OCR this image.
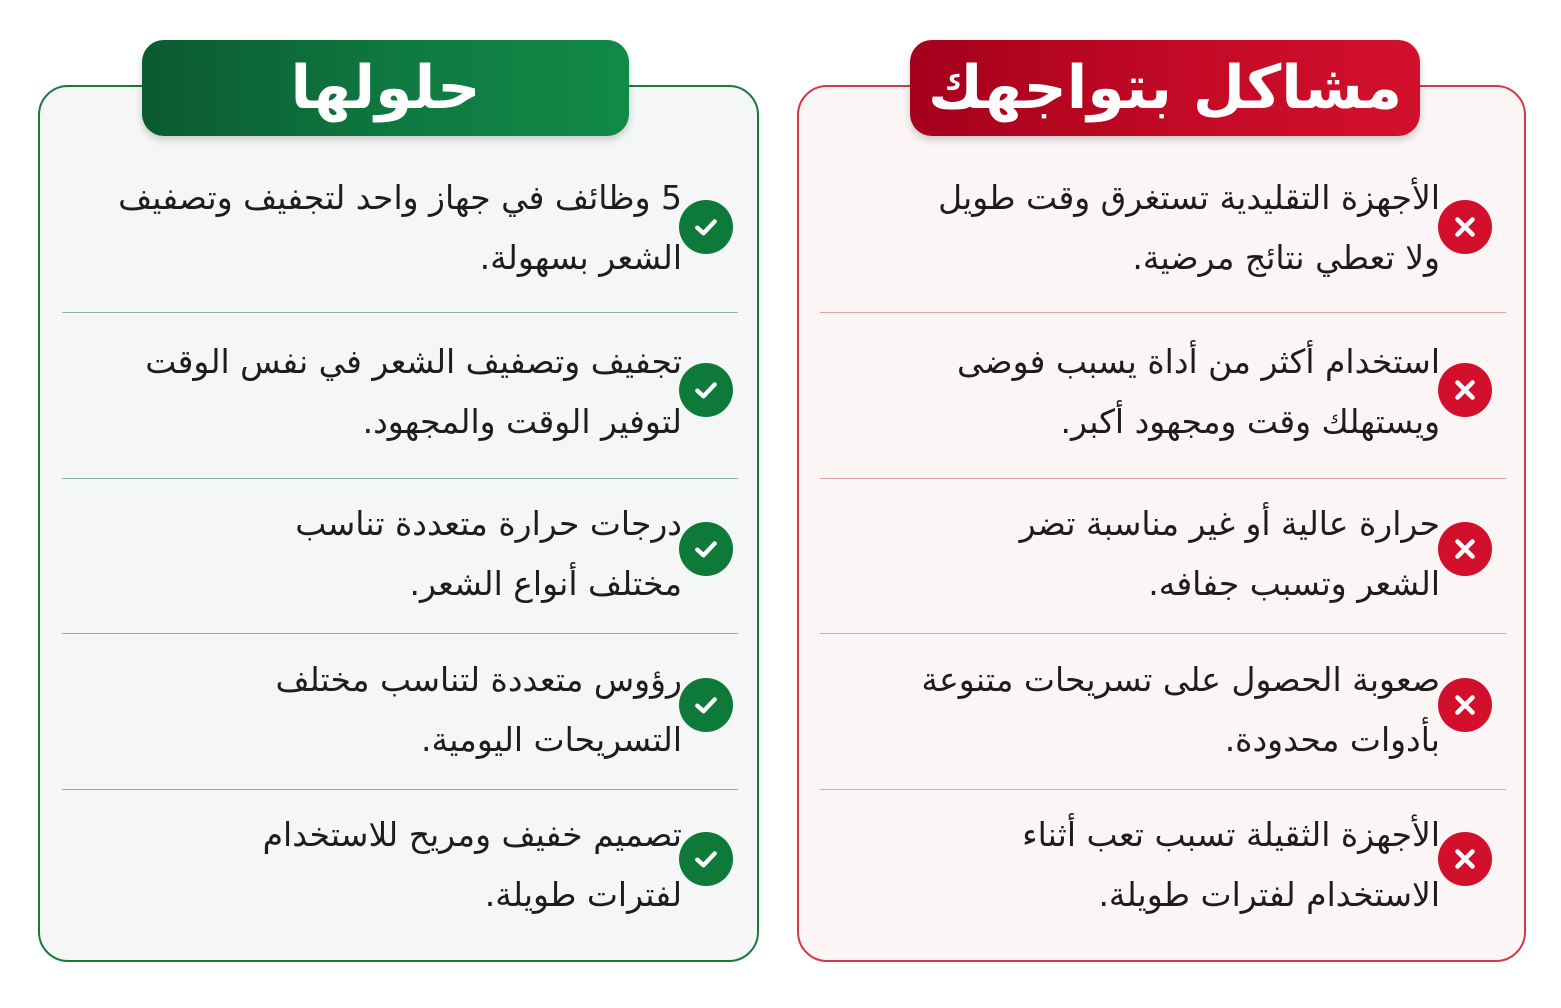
حلولها
5 وظائف في جهاز واحد لتجفيف وتصفيف
الشعر بسهولة.
تجفيف وتصفيف الشعر في نفس الوقت
لتوفير الوقت والمجهود.
درجات حرارة متعددة تناسب
مختلف أنواع الشعر.
رؤوس متعددة لتناسب مختلف
التسريحات اليومية.
تصميم خفيف ومريح للاستخدام
لفترات طويلة.
مشاكل بتواجهك
الأجهزة التقليدية تستغرق وقت طويل
ولا تعطي نتائج مرضية.
استخدام أكثر من أداة يسبب فوضى
ويستهلك وقت ومجهود أكبر.
حرارة عالية أو غير مناسبة تضر
الشعر وتسبب جفافه.
صعوبة الحصول على تسريحات متنوعة
بأدوات محدودة.
الأجهزة الثقيلة تسبب تعب أثناء
الاستخدام لفترات طويلة.
